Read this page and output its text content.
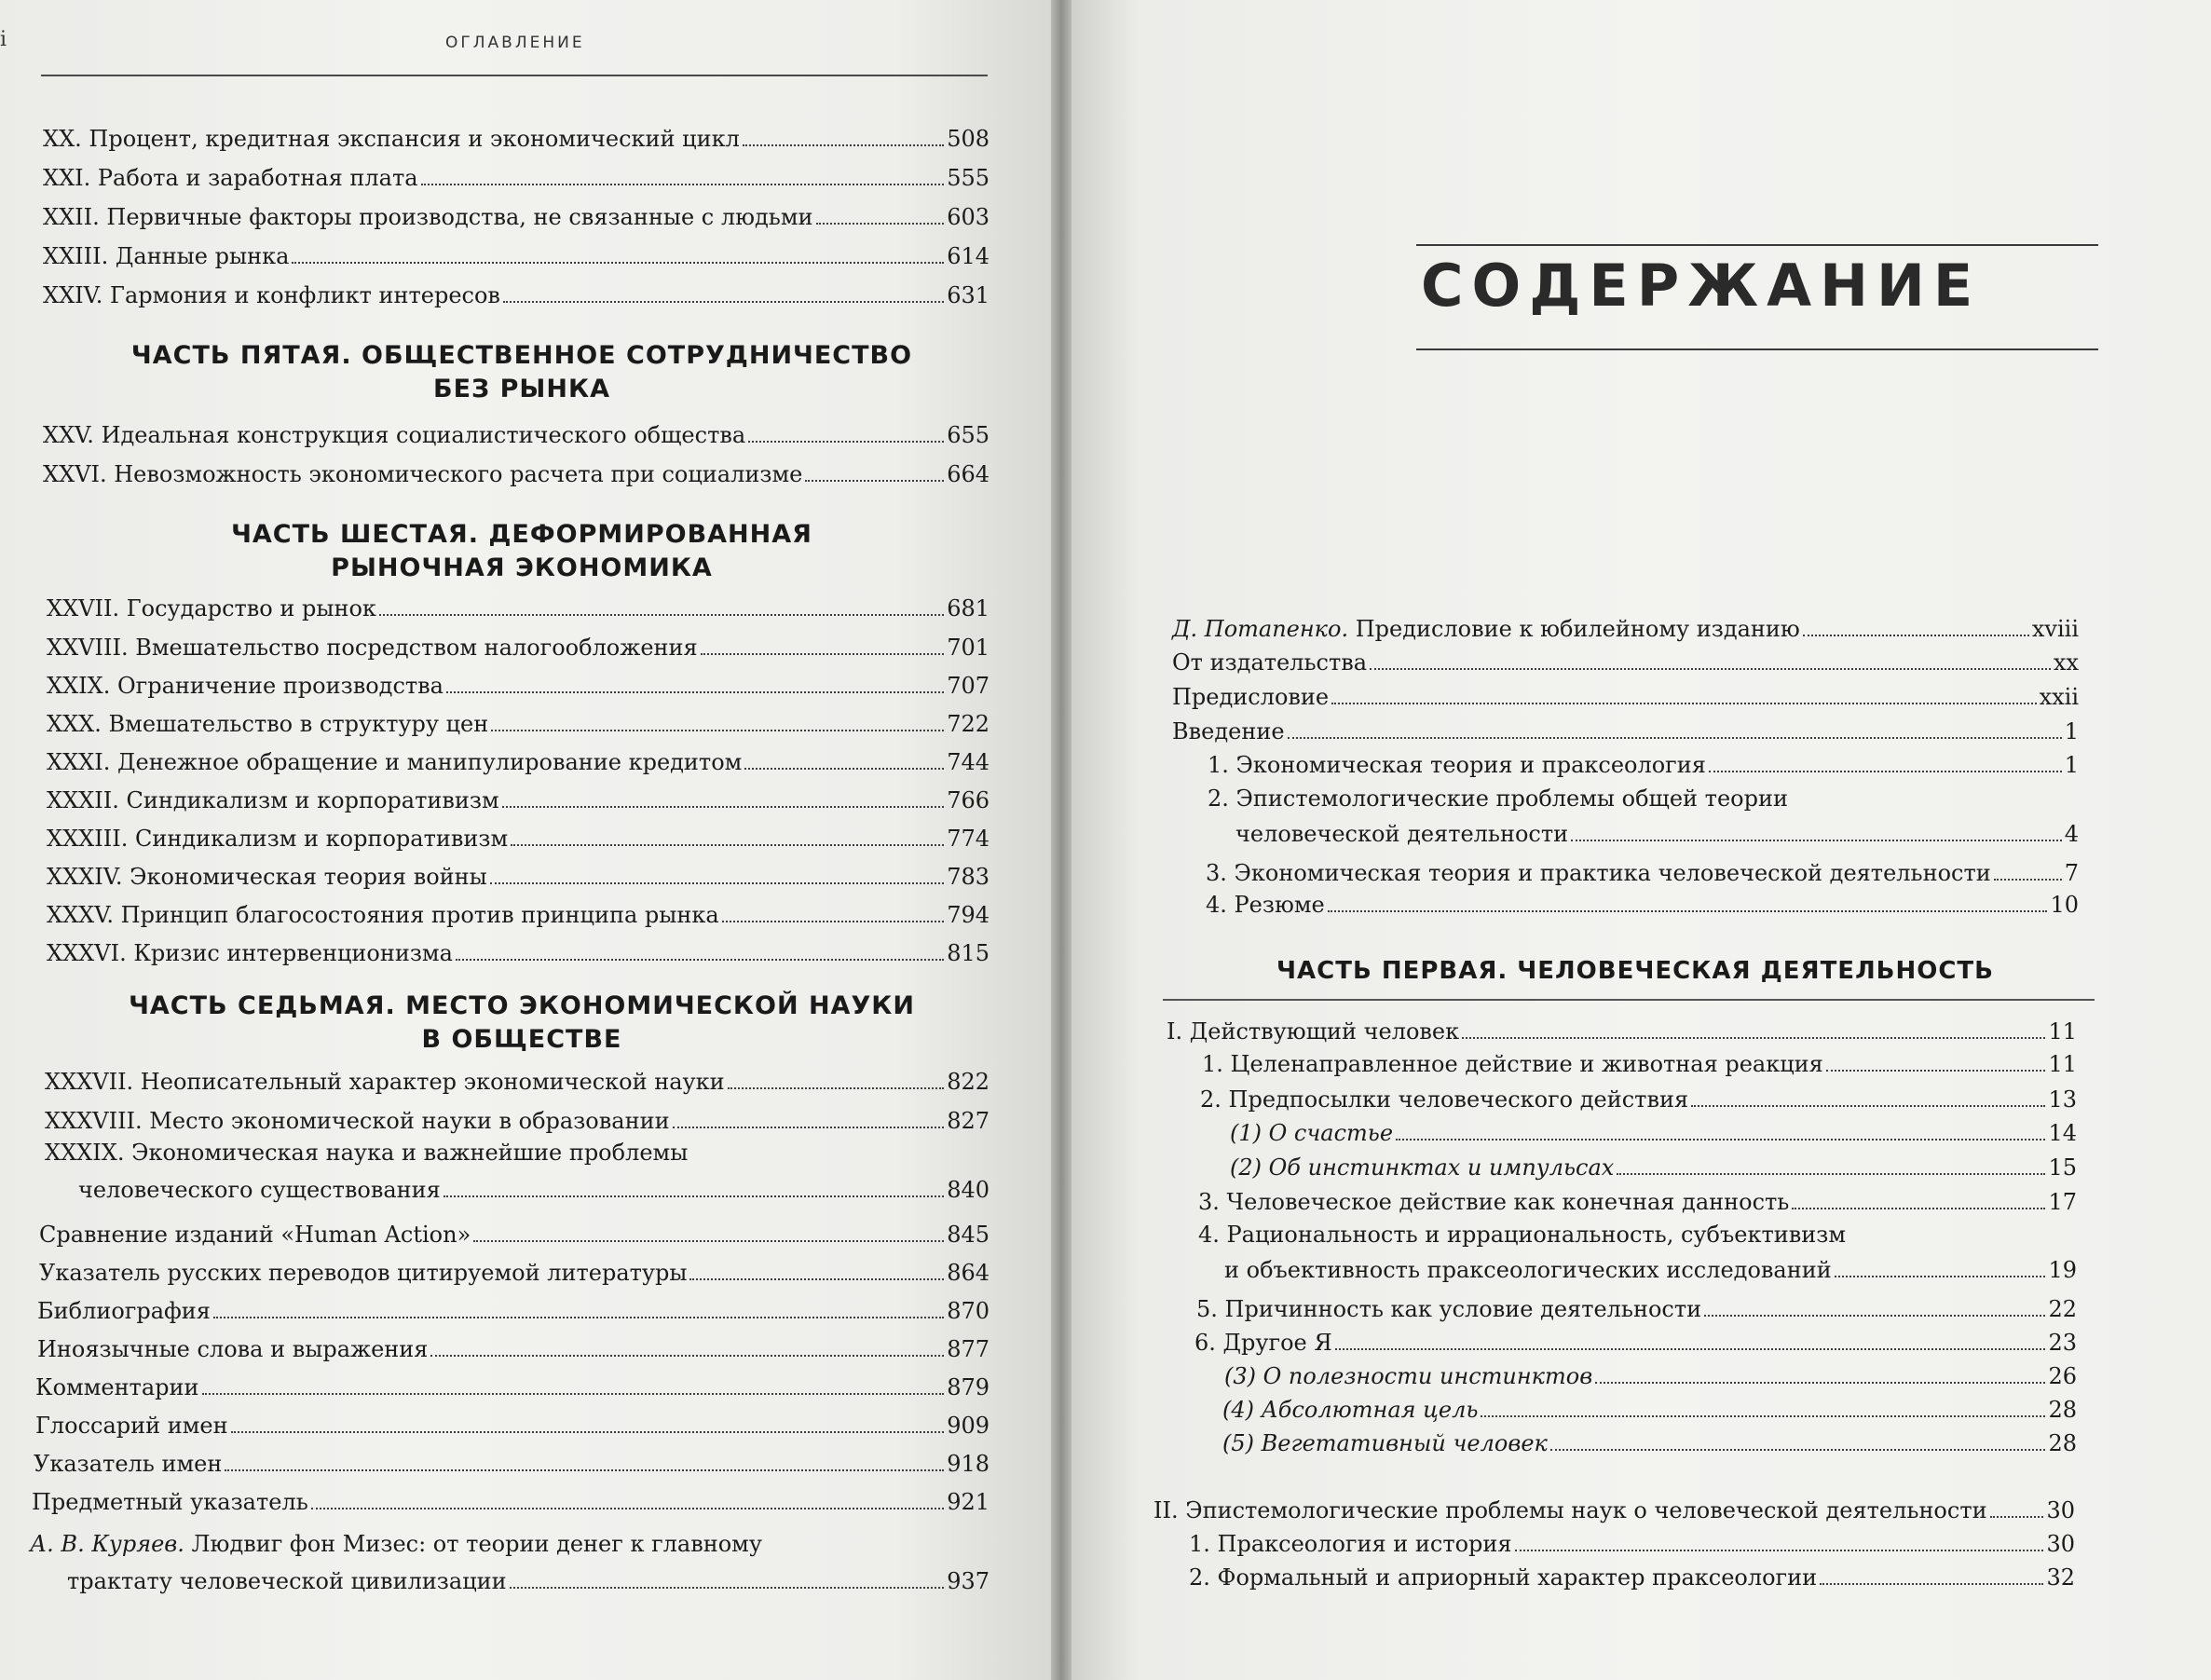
i	ОГЛАВЛЕНИЕ
XX. Процент, кредитная экспансия и экономический цикл	508
XXI. Работа и заработная плата	555
XXII. Первичные факторы производства, не связанные с людьми	603
XXIII. Данные рынка	614
XXIV. Гармония и конфликт интересов	631
ЧАСТЬ ПЯТАЯ. ОБЩЕСТВЕННОЕ СОТРУДНИЧЕСТВО
БЕЗ РЫНКА
XXV. Идеальная конструкция социалистического общества	655
XXVI. Невозможность экономического расчета при социализме	664
ЧАСТЬ ШЕСТАЯ. ДЕФОРМИРОВАННАЯ
РЫНОЧНАЯ ЭКОНОМИКА
XXVII. Государство и рынок	681
XXVIII. Вмешательство посредством налогообложения	701
XXIX. Ограничение производства	707
XXX. Вмешательство в структуру цен	722
XXXI. Денежное обращение и манипулирование кредитом	744
XXXII. Синдикализм и корпоративизм	766
XXXIII. Синдикализм и корпоративизм	774
XXXIV. Экономическая теория войны	783
XXXV. Принцип благосостояния против принципа рынка	794
XXXVI. Кризис интервенционизма	815
ЧАСТЬ СЕДЬМАЯ. МЕСТО ЭКОНОМИЧЕСКОЙ НАУКИ
В ОБЩЕСТВЕ
XXXVII. Неописательный характер экономической науки	822
XXXVIII. Место экономической науки в образовании	827
XXXIX. Экономическая наука и важнейшие проблемы
человеческого существования	840
Сравнение изданий «Human Action»	845
Указатель русских переводов цитируемой литературы	864
Библиография	870
Иноязычные слова и выражения	877
Комментарии	879
Глоссарий имен	909
Указатель имен	918
Предметный указатель	921
А. В. Куряев. Людвиг фон Мизес: от теории денег к главному
трактату человеческой цивилизации	937
СОДЕРЖАНИЕ
Д. Потапенко. Предисловие к юбилейному изданию	xviii
От издательства	xx
Предисловие	xxii
Введение	1
1. Экономическая теория и праксеология	1
2. Эпистемологические проблемы общей теории
человеческой деятельности	4
3. Экономическая теория и практика человеческой деятельности	7
4. Резюме	10
ЧАСТЬ ПЕРВАЯ. ЧЕЛОВЕЧЕСКАЯ ДЕЯТЕЛЬНОСТЬ
I. Действующий человек	11
1. Целенаправленное действие и животная реакция	11
2. Предпосылки человеческого действия	13
(1) О счастье	14
(2) Об инстинктах и импульсах	15
3. Человеческое действие как конечная данность	17
4. Рациональность и иррациональность, субъективизм
и объективность праксеологических исследований	19
5. Причинность как условие деятельности	22
6. Другое Я	23
(3) О полезности инстинктов	26
(4) Абсолютная цель	28
(5) Вегетативный человек	28
II. Эпистемологические проблемы наук о человеческой деятельности	30
1. Праксеология и история	30
2. Формальный и априорный характер праксеологии	32
